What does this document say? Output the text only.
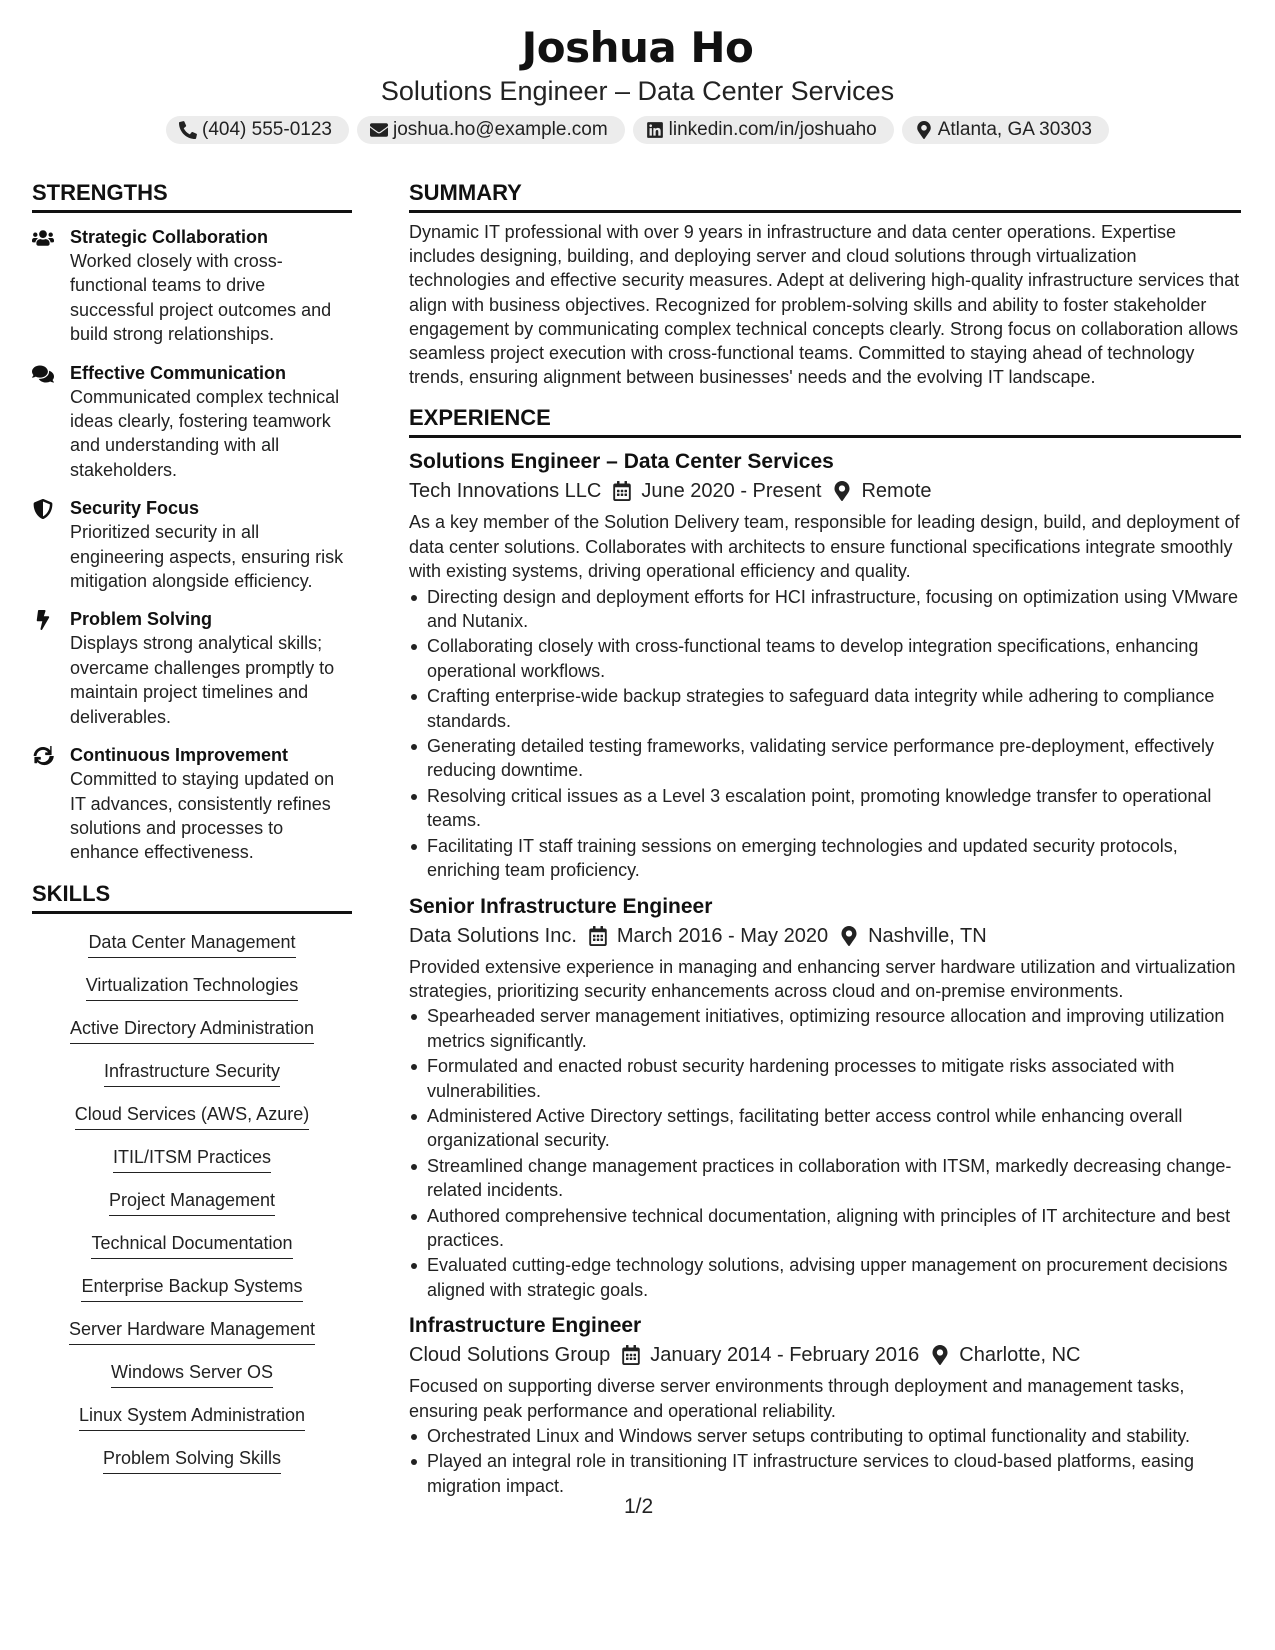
Joshua Ho
Solutions Engineer – Data Center Services
(404) 555-0123	joshua.ho@example.com	linkedin.com/in/joshuaho	Atlanta, GA 30303
STRENGTHS
Strategic Collaboration
Worked closely with cross-functional teams to drive successful project outcomes and build strong relationships.
Effective Communication
Communicated complex technical ideas clearly, fostering teamwork and understanding with all stakeholders.
Security Focus
Prioritized security in all engineering aspects, ensuring risk mitigation alongside efficiency.
Problem Solving
Displays strong analytical skills; overcame challenges promptly to maintain project timelines and deliverables.
Continuous Improvement
Committed to staying updated on IT advances, consistently refines solutions and processes to enhance effectiveness.
SKILLS
Data Center Management
Virtualization Technologies
Active Directory Administration
Infrastructure Security
Cloud Services (AWS, Azure)
ITIL/ITSM Practices
Project Management
Technical Documentation
Enterprise Backup Systems
Server Hardware Management
Windows Server OS
Linux System Administration
Problem Solving Skills
SUMMARY
Dynamic IT professional with over 9 years in infrastructure and data center operations. Expertise includes designing, building, and deploying server and cloud solutions through virtualization technologies and effective security measures. Adept at delivering high-quality infrastructure services that align with business objectives. Recognized for problem-solving skills and ability to foster stakeholder engagement by communicating complex technical concepts clearly. Strong focus on collaboration allows seamless project execution with cross-functional teams. Committed to staying ahead of technology trends, ensuring alignment between businesses' needs and the evolving IT landscape.
EXPERIENCE
Solutions Engineer – Data Center Services
Tech Innovations LLC June 2020 - Present Remote
As a key member of the Solution Delivery team, responsible for leading design, build, and deployment of data center solutions. Collaborates with architects to ensure functional specifications integrate smoothly with existing systems, driving operational efficiency and quality.
Directing design and deployment efforts for HCI infrastructure, focusing on optimization using VMware and Nutanix.
Collaborating closely with cross-functional teams to develop integration specifications, enhancing operational workflows.
Crafting enterprise-wide backup strategies to safeguard data integrity while adhering to compliance standards.
Generating detailed testing frameworks, validating service performance pre-deployment, effectively reducing downtime.
Resolving critical issues as a Level 3 escalation point, promoting knowledge transfer to operational teams.
Facilitating IT staff training sessions on emerging technologies and updated security protocols, enriching team proficiency.
Senior Infrastructure Engineer
Data Solutions Inc. March 2016 - May 2020 Nashville, TN
Provided extensive experience in managing and enhancing server hardware utilization and virtualization strategies, prioritizing security enhancements across cloud and on-premise environments.
Spearheaded server management initiatives, optimizing resource allocation and improving utilization metrics significantly.
Formulated and enacted robust security hardening processes to mitigate risks associated with vulnerabilities.
Administered Active Directory settings, facilitating better access control while enhancing overall organizational security.
Streamlined change management practices in collaboration with ITSM, markedly decreasing change-related incidents.
Authored comprehensive technical documentation, aligning with principles of IT architecture and best practices.
Evaluated cutting-edge technology solutions, advising upper management on procurement decisions aligned with strategic goals.
Infrastructure Engineer
Cloud Solutions Group January 2014 - February 2016 Charlotte, NC
Focused on supporting diverse server environments through deployment and management tasks, ensuring peak performance and operational reliability.
Orchestrated Linux and Windows server setups contributing to optimal functionality and stability.
Played an integral role in transitioning IT infrastructure services to cloud-based platforms, easing migration impact.
1/2
